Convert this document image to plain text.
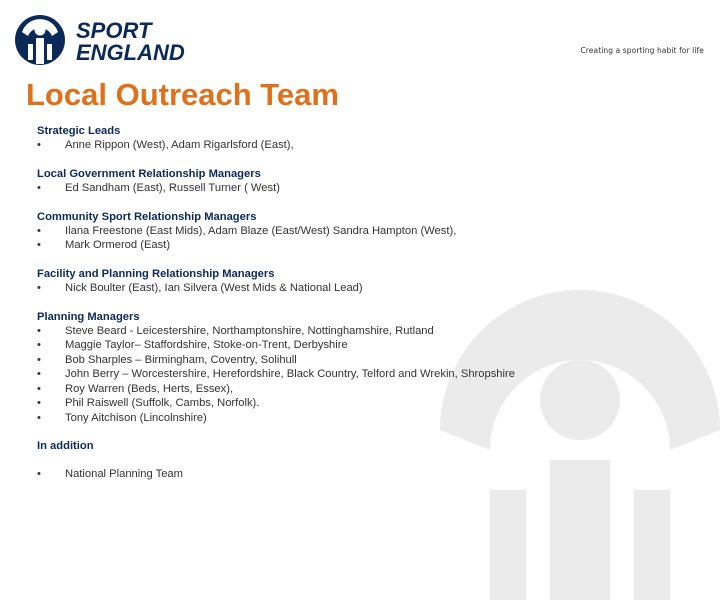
SPORT
ENGLAND	Creating a sporting habit for life
Local Outreach Team
Strategic Leads
•	Anne Rippon (West), Adam Rigarlsford (East),
Local Government Relationship Managers
•	Ed Sandham (East), Russell Turner ( West)
Community Sport Relationship Managers
•	Ilana Freestone (East Mids), Adam Blaze (East/West) Sandra Hampton (West),
•	Mark Ormerod (East)
Facility and Planning Relationship Managers
•	Nick Boulter (East), Ian Silvera (West Mids & National Lead)
Planning Managers
•	Steve Beard - Leicestershire, Northamptonshire, Nottinghamshire, Rutland
•	Maggie Taylor– Staffordshire, Stoke-on-Trent, Derbyshire
•	Bob Sharples – Birmingham, Coventry, Solihull
•	John Berry – Worcestershire, Herefordshire, Black Country, Telford and Wrekin, Shropshire
•	Roy Warren (Beds, Herts, Essex),
•	Phil Raiswell (Suffolk, Cambs, Norfolk).
•	Tony Aitchison (Lincolnshire)
In addition
•	National Planning Team
